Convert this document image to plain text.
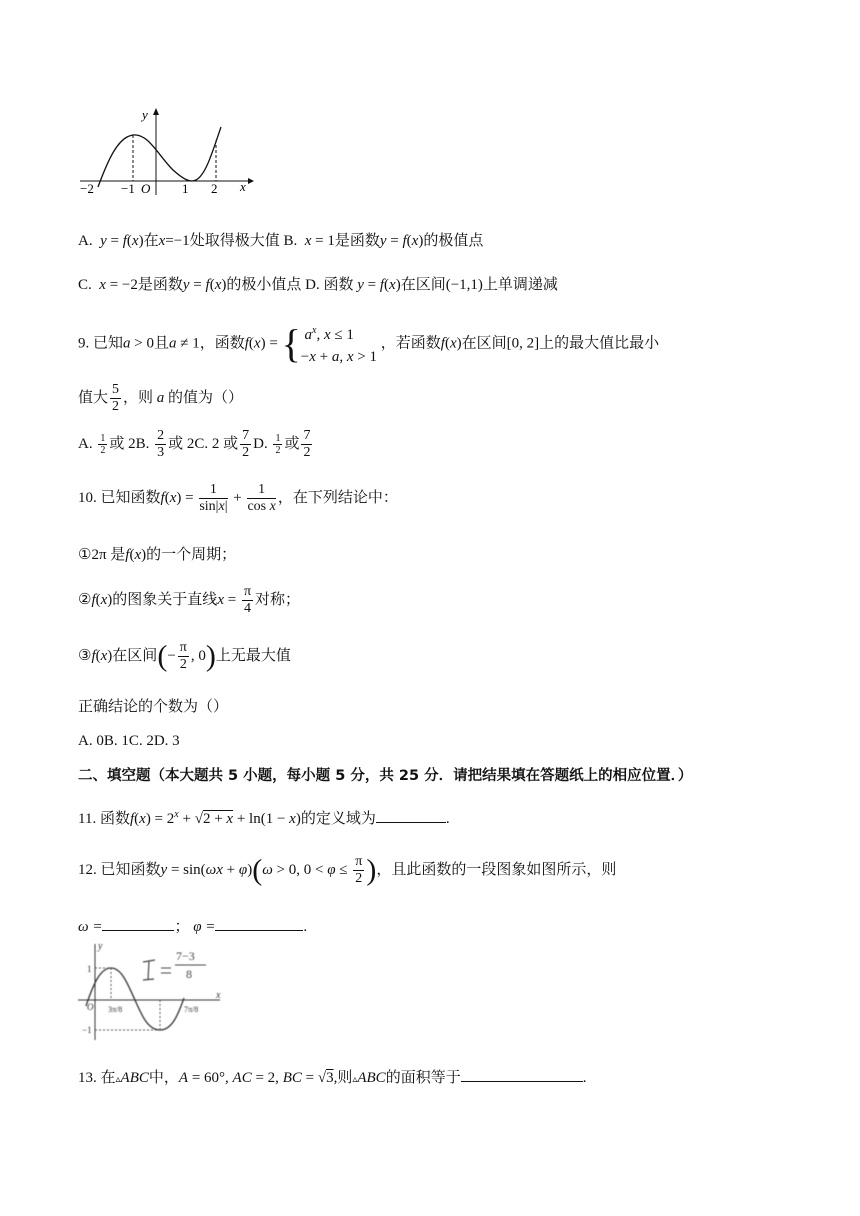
y
x
−2 −1 O 1 2
A. y = f(x)在x=−1处取得极大值 B. x = 1是函数y = f(x)的极值点
C. x = −2是函数y = f(x)的极小值点 D. 函数 y = f(x)在区间(−1,1)上单调递减
9. 已知a > 0且a ≠ 1，函数f(x) = { $a^x$, x ≤ 1
−x + a, x > 1
，若函数f(x)在区间[0, 2]上的最大值比最小
值大 $\frac{5}{2}$ ，则 a 的值为（）
A. $\frac{1}{2}$ 或 2B. $\frac{2}{3}$ 或 2C. 2 或 $\frac{7}{2} D$. $\frac{1}{2}$ 或 $\frac{7}{2}$
10. 已知函数$f(x) = \frac{1}{\sin|x|} + \frac{1}{\text{cos x}}$ ，在下列结论中：
①2π 是f(x)的一个周期；
②f(x)的图象关于直线$x = \frac{\pi}{4}$ 对称；
③f(x)在区间(− $\frac{\pi}{2}$ , 0)上无最大值
正确结论的个数为（）
A. 0B. 1C. 2D. 3
二、填空题（本大题共 5 小题，每小题 5 分，共 25 分．请把结果填在答题纸上的相应位置．）
11. 函数$f(x) = 2^x + √2 + x + \ln(1 - x)$的定义域为	.
12. 已知函数y = sin(ωx + φ)(ω > 0, $0 < \varphi \le \frac{\pi}{2}$ )，且此函数的一段图象如图所示，则
ω =	； φ =	.
y
x
1
−1
O 3π/8	7π/8
7−3
8
13. 在▵ABC中，A = 60°, AC = 2, BC = √3,则▵ABC的面积等于	.
